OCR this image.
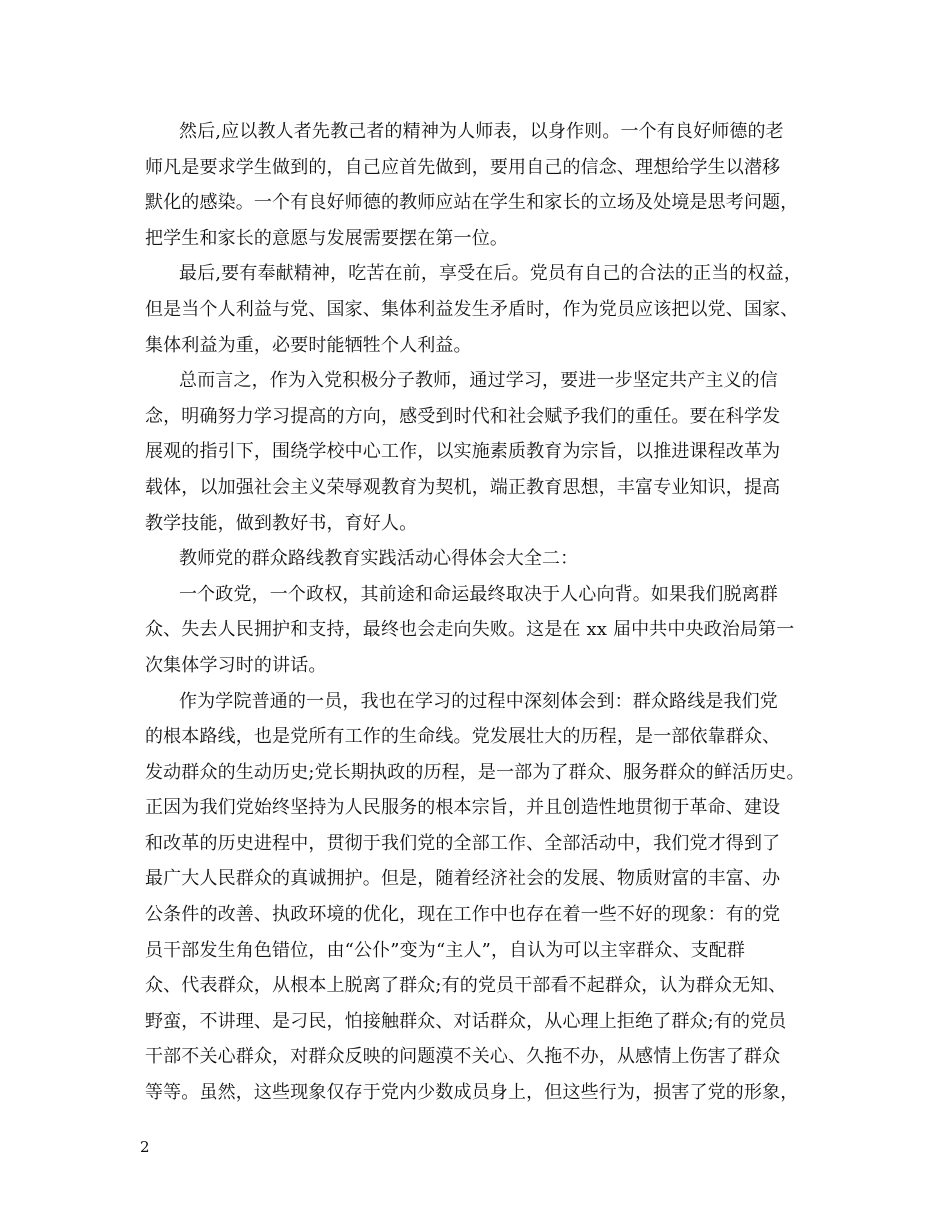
然后,应以教人者先教己者的精神为人师表，以身作则。一个有良好师德的老
师凡是要求学生做到的，自己应首先做到，要用自己的信念、理想给学生以潜移
默化的感染。一个有良好师德的教师应站在学生和家长的立场及处境是思考问题，
把学生和家长的意愿与发展需要摆在第一位。
最后,要有奉献精神，吃苦在前，享受在后。党员有自己的合法的正当的权益，
但是当个人利益与党、国家、集体利益发生矛盾时，作为党员应该把以党、国家、
集体利益为重，必要时能牺牲个人利益。
总而言之，作为入党积极分子教师，通过学习，要进一步坚定共产主义的信
念，明确努力学习提高的方向，感受到时代和社会赋予我们的重任。要在科学发
展观的指引下，围绕学校中心工作，以实施素质教育为宗旨，以推进课程改革为
载体，以加强社会主义荣辱观教育为契机，端正教育思想，丰富专业知识，提高
教学技能，做到教好书，育好人。
教师党的群众路线教育实践活动心得体会大全二：
一个政党，一个政权，其前途和命运最终取决于人心向背。如果我们脱离群
众、失去人民拥护和支持，最终也会走向失败。这是在 xx 届中共中央政治局第一
次集体学习时的讲话。
作为学院普通的一员，我也在学习的过程中深刻体会到：群众路线是我们党
的根本路线，也是党所有工作的生命线。党发展壮大的历程，是一部依靠群众、
发动群众的生动历史;党长期执政的历程，是一部为了群众、服务群众的鲜活历史。
正因为我们党始终坚持为人民服务的根本宗旨，并且创造性地贯彻于革命、建设
和改革的历史进程中，贯彻于我们党的全部工作、全部活动中，我们党才得到了
最广大人民群众的真诚拥护。但是，随着经济社会的发展、物质财富的丰富、办
公条件的改善、执政环境的优化，现在工作中也存在着一些不好的现象：有的党
员干部发生角色错位，由“公仆”变为“主人”，自认为可以主宰群众、支配群
众、代表群众，从根本上脱离了群众;有的党员干部看不起群众，认为群众无知、
野蛮，不讲理、是刁民，怕接触群众、对话群众，从心理上拒绝了群众;有的党员
干部不关心群众，对群众反映的问题漠不关心、久拖不办，从感情上伤害了群众
等等。虽然，这些现象仅存于党内少数成员身上，但这些行为，损害了党的形象，
2
